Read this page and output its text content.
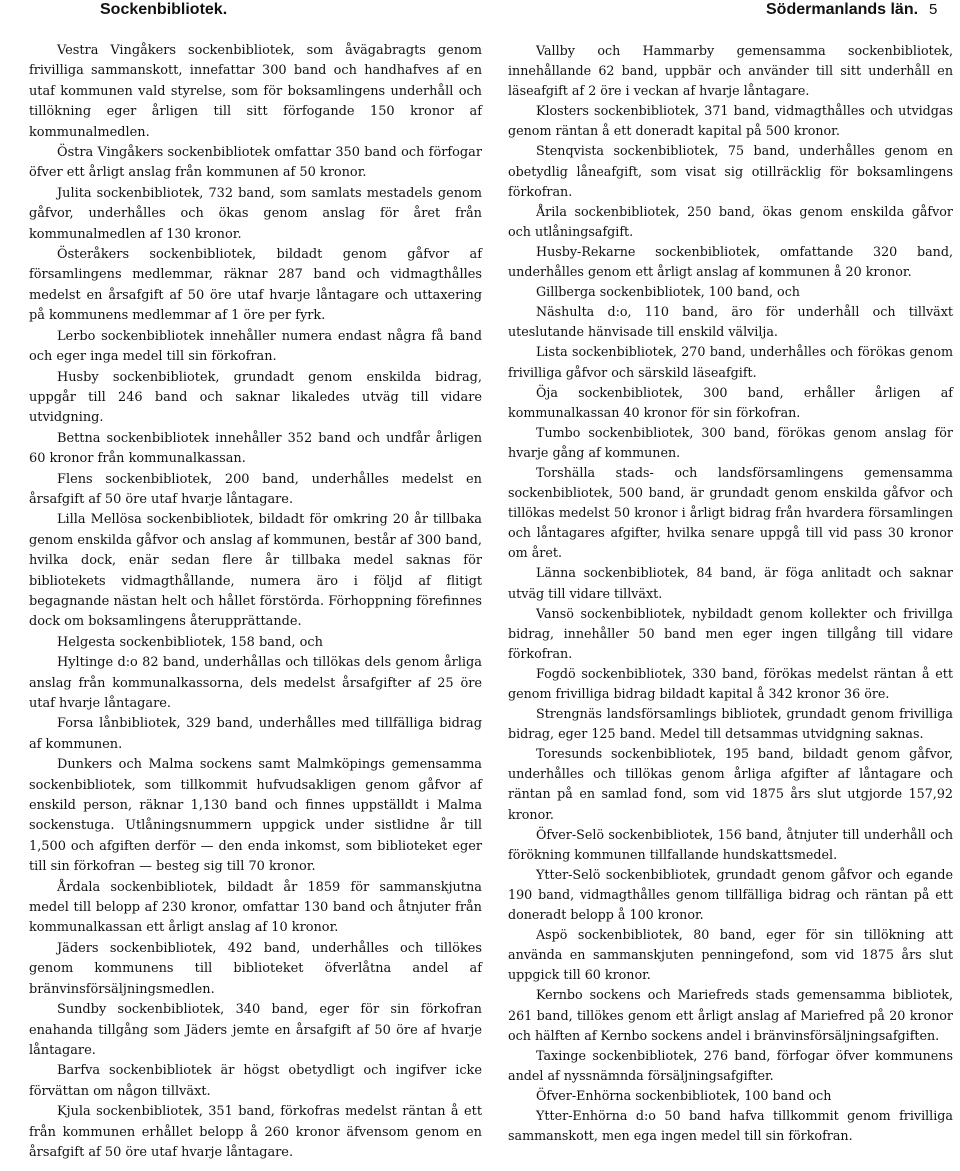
Sockenbibliotek.	Södermanlands län. 5

Vestra Vingåkers sockenbibliotek, som åvägabragts genom frivilliga sammanskott, innefattar 300 band och handhafves af en utaf kommunen vald styrelse, som för boksamlingens underhåll och tillökning eger årligen till sitt förfogande 150 kronor af kommunalmedlen.

Östra Vingåkers sockenbibliotek omfattar 350 band och förfogar öfver ett årligt anslag från kommunen af 50 kronor.

Julita sockenbibliotek, 732 band, som samlats mestadels genom gåfvor, underhålles och ökas genom anslag för året från kommunalmedlen af 130 kronor.

Österåkers sockenbibliotek, bildadt genom gåfvor af församlingens medlemmar, räknar 287 band och vidmagthålles medelst en årsafgift af 50 öre utaf hvarje låntagare och uttaxering på kommunens medlemmar af 1 öre per fyrk.

Lerbo sockenbibliotek innehåller numera endast några få band och eger inga medel till sin förkofran.

Husby sockenbibliotek, grundadt genom enskilda bidrag, uppgår till 246 band och saknar likaledes utväg till vidare utvidgning.

Bettna sockenbibliotek innehåller 352 band och undfår årligen 60 kronor från kommunalkassan.

Flens sockenbibliotek, 200 band, underhålles medelst en årsafgift af 50 öre utaf hvarje låntagare.

Lilla Mellösa sockenbibliotek, bildadt för omkring 20 år tillbaka genom enskilda gåfvor och anslag af kommunen, består af 300 band, hvilka dock, enär sedan flere år tillbaka medel saknas för bibliotekets vidmagthållande, numera äro i följd af flitigt begagnande nästan helt och hållet förstörda. Förhoppning förefinnes dock om boksamlingens återupprättande.

Helgesta sockenbibliotek, 158 band, och

Hyltinge d:o 82 band, underhållas och tillökas dels genom årliga anslag från kommunalkassorna, dels medelst årsafgifter af 25 öre utaf hvarje låntagare.

Forsa lånbibliotek, 329 band, underhålles med tillfälliga bidrag af kommunen.

Dunkers och Malma sockens samt Malmköpings gemensamma sockenbibliotek, som tillkommit hufvudsakligen genom gåfvor af enskild person, räknar 1,130 band och finnes uppställdt i Malma sockenstuga. Utlåningsnummern uppgick under sistlidne år till 1,500 och afgiften derför — den enda inkomst, som biblioteket eger till sin förkofran — besteg sig till 70 kronor.

Årdala sockenbibliotek, bildadt år 1859 för sammanskjutna medel till belopp af 230 kronor, omfattar 130 band och åtnjuter från kommunalkassan ett årligt anslag af 10 kronor.

Jäders sockenbibliotek, 492 band, underhålles och tillökes genom kommunens till biblioteket öfverlåtna andel af bränvinsförsäljningsmedlen.

Sundby sockenbibliotek, 340 band, eger för sin förkofran enahanda tillgång som Jäders jemte en årsafgift af 50 öre af hvarje låntagare.

Barfva sockenbibliotek är högst obetydligt och ingifver icke förvättan om någon tillväxt.

Kjula sockenbibliotek, 351 band, förkofras medelst räntan å ett från kommunen erhållet belopp å 260 kronor äfvensom genom en årsafgift af 50 öre utaf hvarje låntagare.

Vallby och Hammarby gemensamma sockenbibliotek, innehållande 62 band, uppbär och använder till sitt underhåll en läseafgift af 2 öre i veckan af hvarje låntagare.

Klosters sockenbibliotek, 371 band, vidmagthålles och utvidgas genom räntan å ett doneradt kapital på 500 kronor.

Stenqvista sockenbibliotek, 75 band, underhålles genom en obetydlig låneafgift, som visat sig otillräcklig för boksamlingens förkofran.

Årila sockenbibliotek, 250 band, ökas genom enskilda gåfvor och utlåningsafgift.

Husby-Rekarne sockenbibliotek, omfattande 320 band, underhålles genom ett årligt anslag af kommunen å 20 kronor.

Gillberga sockenbibliotek, 100 band, och

Näshulta d:o, 110 band, äro för underhåll och tillväxt uteslutande hänvisade till enskild välvilja.

Lista sockenbibliotek, 270 band, underhålles och förökas genom frivilliga gåfvor och särskild läseafgift.

Öja sockenbibliotek, 300 band, erhåller årligen af kommunalkassan 40 kronor för sin förkofran.

Tumbo sockenbibliotek, 300 band, förökas genom anslag för hvarje gång af kommunen.

Torshälla stads- och landsförsamlingens gemensamma sockenbibliotek, 500 band, är grundadt genom enskilda gåfvor och tillökas medelst 50 kronor i årligt bidrag från hvardera församlingen och låntagares afgifter, hvilka senare uppgå till vid pass 30 kronor om året.

Länna sockenbibliotek, 84 band, är föga anlitadt och saknar utväg till vidare tillväxt.

Vansö sockenbibliotek, nybildadt genom kollekter och frivillga bidrag, innehåller 50 band men eger ingen tillgång till vidare förkofran.

Fogdö sockenbibliotek, 330 band, förökas medelst räntan å ett genom frivilliga bidrag bildadt kapital å 342 kronor 36 öre.

Strengnäs landsförsamlings bibliotek, grundadt genom frivilliga bidrag, eger 125 band. Medel till detsammas utvidgning saknas.

Toresunds sockenbibliotek, 195 band, bildadt genom gåfvor, underhålles och tillökas genom årliga afgifter af låntagare och räntan på en samlad fond, som vid 1875 års slut utgjorde 157,92 kronor.

Öfver-Selö sockenbibliotek, 156 band, åtnjuter till underhåll och förökning kommunen tillfallande hundskattsmedel.

Ytter-Selö sockenbibliotek, grundadt genom gåfvor och egande 190 band, vidmagthålles genom tillfälliga bidrag och räntan på ett doneradt belopp å 100 kronor.

Aspö sockenbibliotek, 80 band, eger för sin tillökning att använda en sammanskjuten penningefond, som vid 1875 års slut uppgick till 60 kronor.

Kernbo sockens och Mariefreds stads gemensamma bibliotek, 261 band, tillökes genom ett årligt anslag af Mariefred på 20 kronor och hälften af Kernbo sockens andel i bränvinsförsäljningsafgiften.

Taxinge sockenbibliotek, 276 band, förfogar öfver kommunens andel af nyssnämnda försäljningsafgifter.

Öfver-Enhörna sockenbibliotek, 100 band och

Ytter-Enhörna d:o 50 band hafva tillkommit genom frivilliga sammanskott, men ega ingen medel till sin förkofran.
